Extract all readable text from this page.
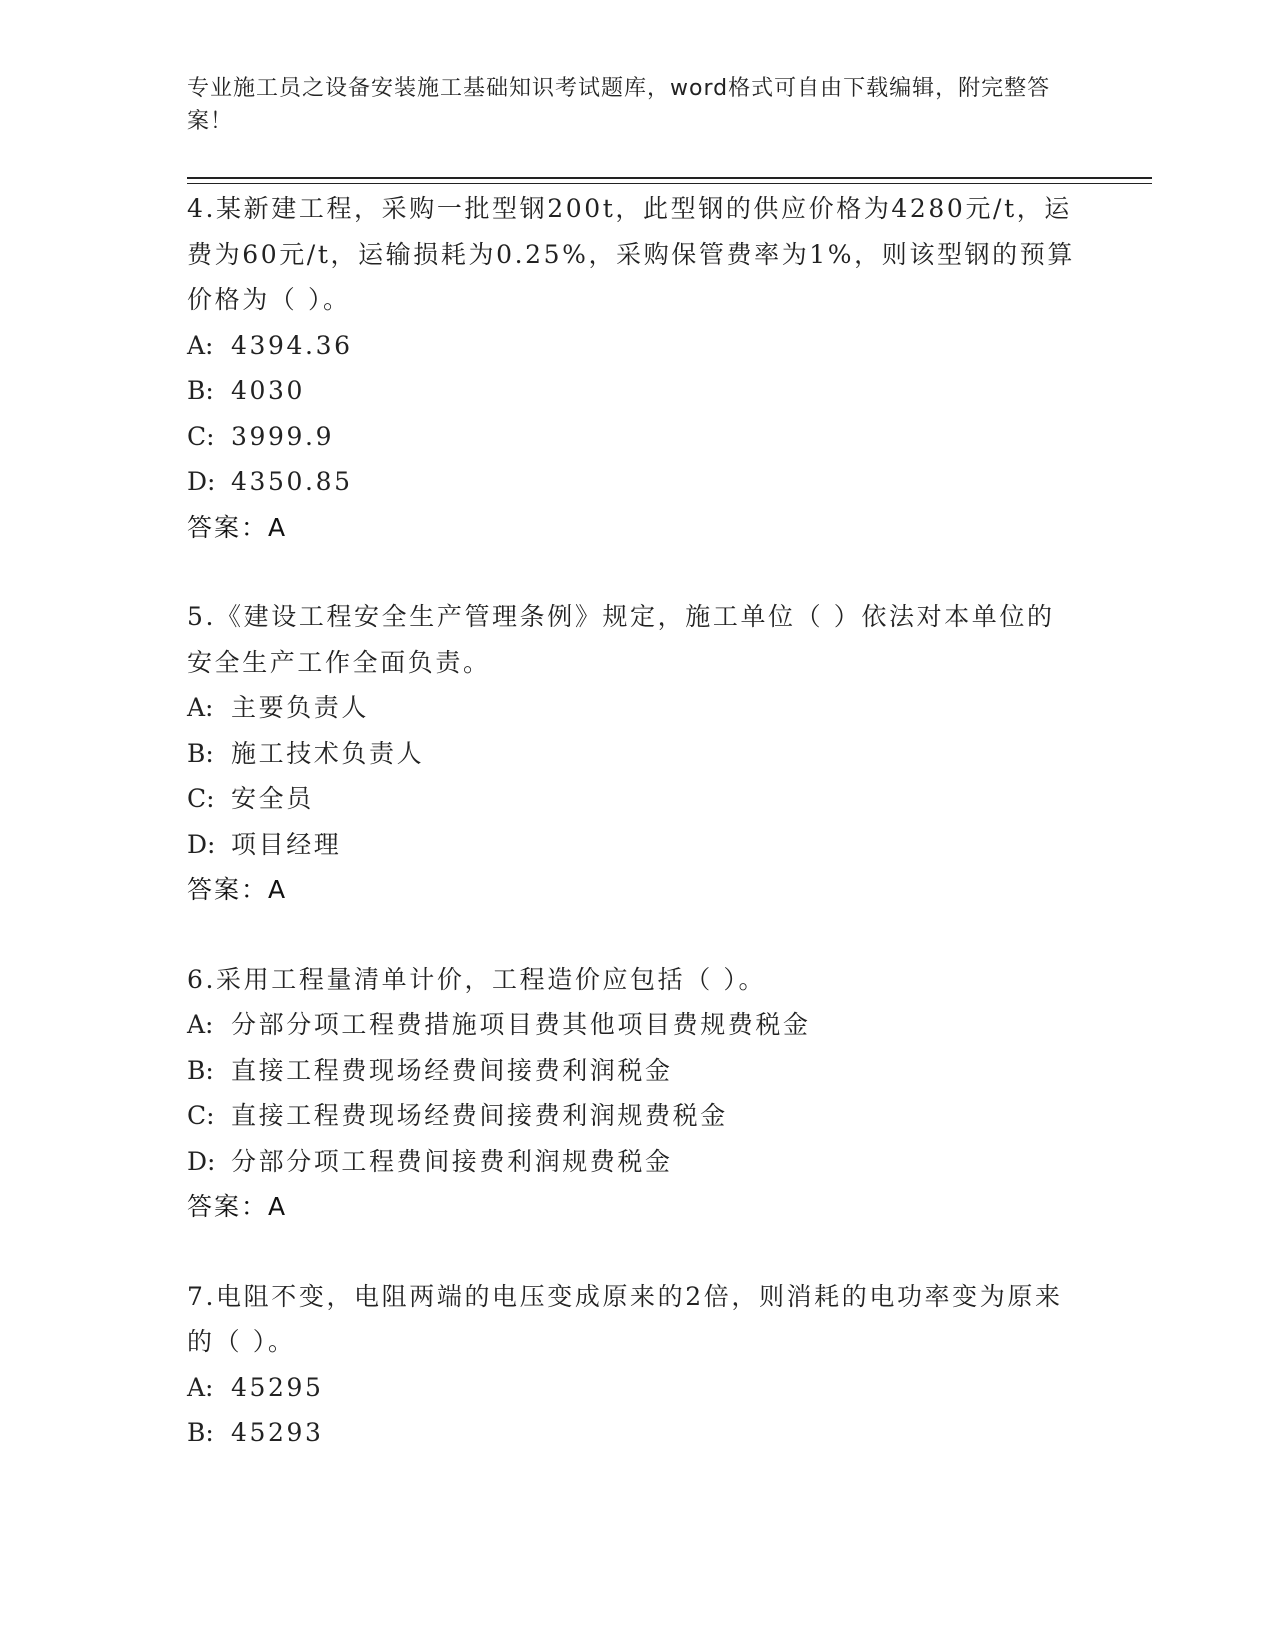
专业施工员之设备安装施工基础知识考试题库，word格式可自由下载编辑，附完整答案！
4.某新建工程，采购一批型钢200t，此型钢的供应价格为4280元/t，运费为60元/t，运输损耗为0.25%，采购保管费率为1%，则该型钢的预算价格为（ ）。
A: 4394.36
B: 4030
C: 3999.9
D: 4350.85
答案：A
5.《建设工程安全生产管理条例》规定，施工单位（ ）依法对本单位的安全生产工作全面负责。
A: 主要负责人
B: 施工技术负责人
C: 安全员
D: 项目经理
答案：A
6.采用工程量清单计价，工程造价应包括（ ）。
A: 分部分项工程费措施项目费其他项目费规费税金
B: 直接工程费现场经费间接费利润税金
C: 直接工程费现场经费间接费利润规费税金
D: 分部分项工程费间接费利润规费税金
答案：A
7.电阻不变，电阻两端的电压变成原来的2倍，则消耗的电功率变为原来的（ ）。
A: 45295
B: 45293
